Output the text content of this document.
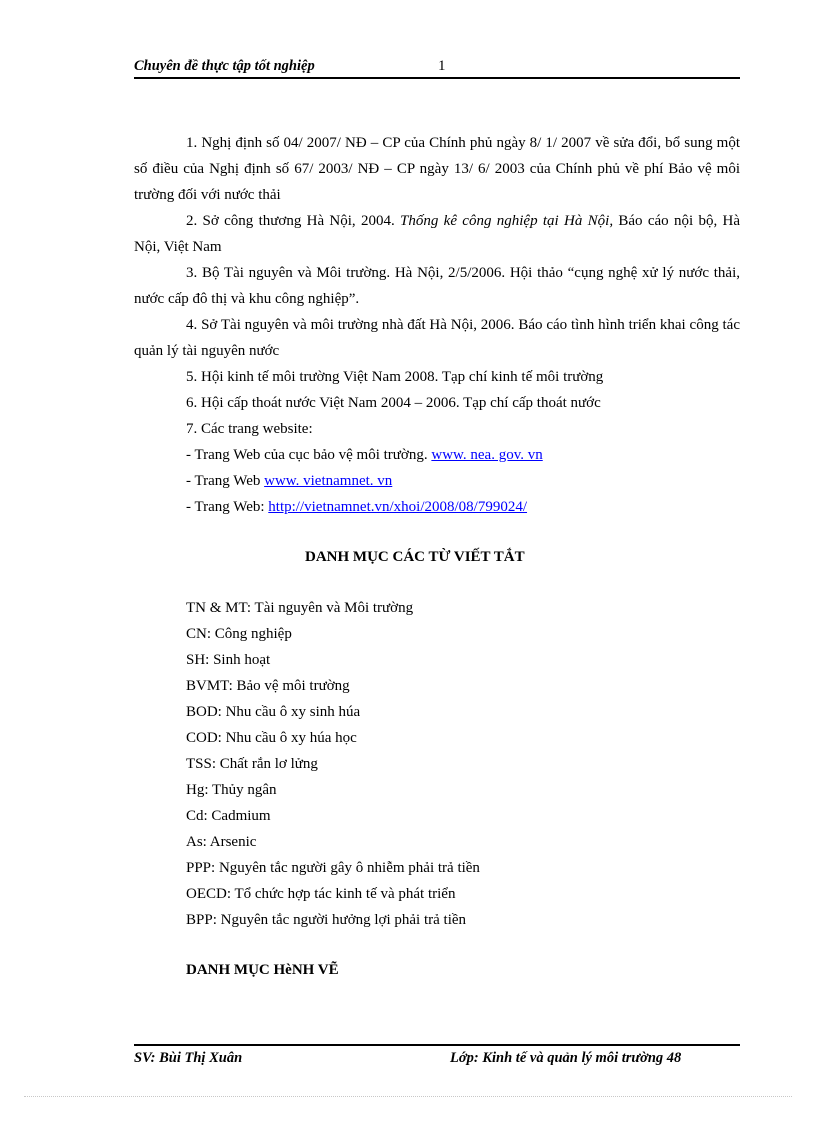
Chuyên đề thực tập tốt nghiệp	1
1. Nghị định số 04/ 2007/ NĐ – CP của Chính phủ ngày 8/ 1/ 2007 về sửa đổi, bổ sung một số điều của Nghị định số 67/ 2003/ NĐ – CP ngày 13/ 6/ 2003 của Chính phủ về phí Bảo vệ môi trường đối với nước thải
2. Sở công thương Hà Nội, 2004. Thống kê công nghiệp tại Hà Nội, Báo cáo nội bộ, Hà Nội, Việt Nam
3. Bộ Tài nguyên và Môi trường. Hà Nội, 2/5/2006. Hội thảo “cụng nghệ xử lý nước thải, nước cấp đô thị và khu công nghiệp”.
4. Sở Tài nguyên và môi trường nhà đất Hà Nội, 2006. Báo cáo tình hình triển khai công tác quản lý tài nguyên nước
5. Hội kinh tế môi trường Việt Nam 2008. Tạp chí kinh tế môi trường
6. Hội cấp thoát nước Việt Nam 2004 – 2006. Tạp chí cấp thoát nước
7. Các trang website:
- Trang Web của cục bảo vệ môi trường. www. nea. gov. vn
- Trang Web www. vietnamnet. vn
- Trang Web: http://vietnamnet.vn/xhoi/2008/08/799024/
DANH MỤC CÁC TỪ VIẾT TẮT
TN & MT: Tài nguyên và Môi trường
CN: Công nghiệp
SH: Sinh hoạt
BVMT: Bảo vệ môi trường
BOD: Nhu cầu ô xy sinh húa
COD: Nhu cầu ô xy húa học
TSS: Chất rắn lơ lửng
Hg: Thủy ngân
Cd: Cadmium
As: Arsenic
PPP: Nguyên tắc người gây ô nhiễm phải trả tiền
OECD: Tổ chức hợp tác kinh tế và phát triển
BPP: Nguyên tắc người hưởng lợi phải trả tiền
DANH MỤC HèNH VẼ
SV: Bùi Thị Xuân	Lớp: Kinh tế và quản lý môi trường 48
